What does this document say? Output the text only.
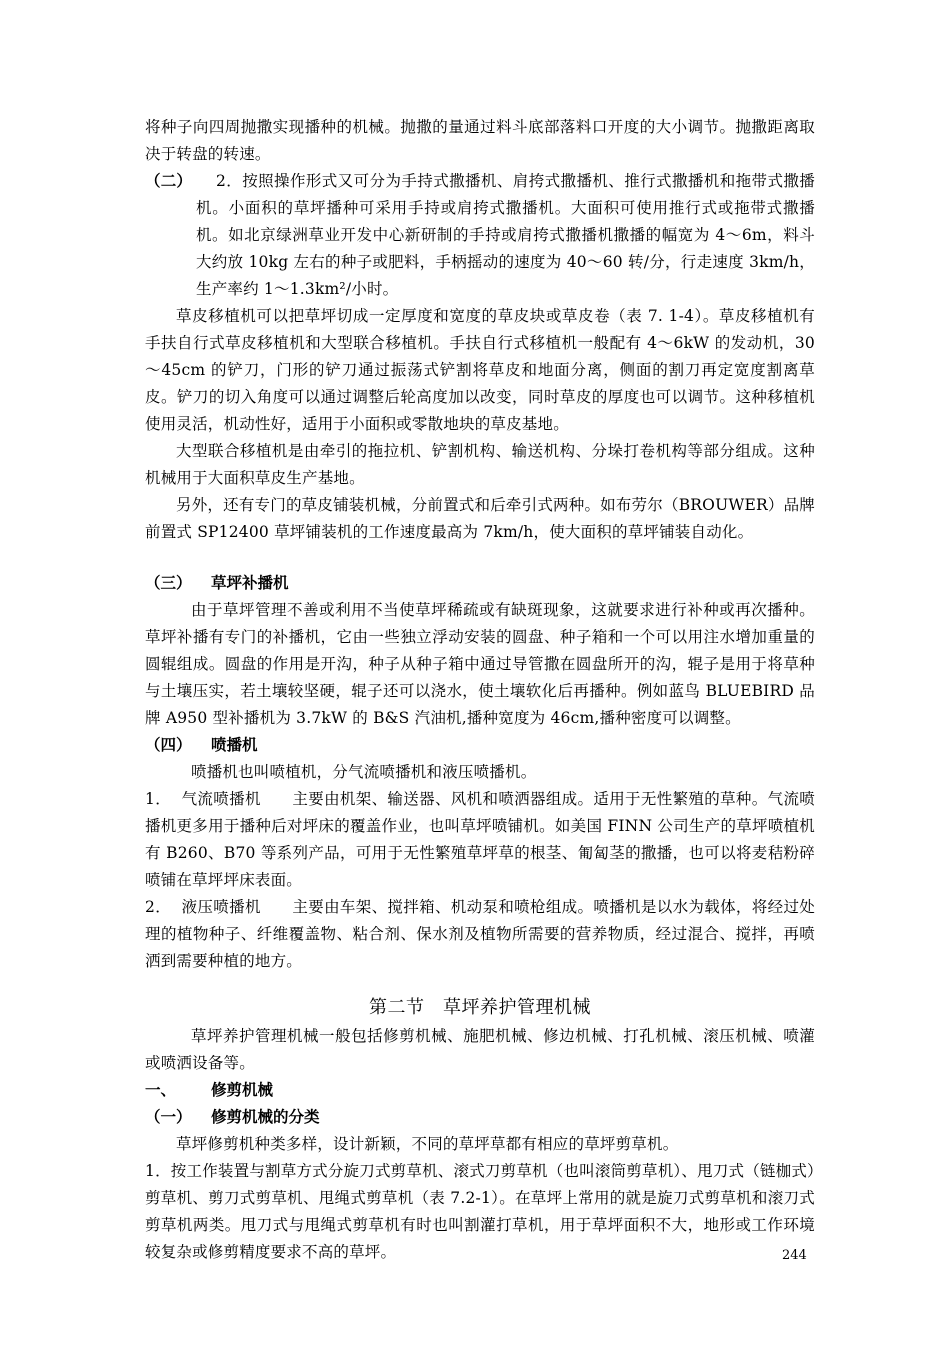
将种子向四周抛撒实现播种的机械。抛撒的量通过料斗底部落料口开度的大小调节。抛撒距离取决于转盘的转速。

（二）	2．按照操作形式又可分为手持式撒播机、肩挎式撒播机、推行式撒播机和拖带式撒播机。小面积的草坪播种可采用手持或肩挎式撒播机。大面积可使用推行式或拖带式撒播机。如北京绿洲草业开发中心新研制的手持或肩挎式撒播机撒播的幅宽为 4～6m，料斗大约放 10kg 左右的种子或肥料，手柄摇动的速度为 40～60 转/分，行走速度 3km/h，生产率约 1～1.3km²/小时。

草皮移植机可以把草坪切成一定厚度和宽度的草皮块或草皮卷（表 7. 1-4）。草皮移植机有手扶自行式草皮移植机和大型联合移植机。手扶自行式移植机一般配有 4～6kW 的发动机，30～45cm 的铲刀，门形的铲刀通过振荡式铲割将草皮和地面分离，侧面的割刀再定宽度割离草皮。铲刀的切入角度可以通过调整后轮高度加以改变，同时草皮的厚度也可以调节。这种移植机使用灵活，机动性好，适用于小面积或零散地块的草皮基地。

大型联合移植机是由牵引的拖拉机、铲割机构、输送机构、分垛打卷机构等部分组成。这种机械用于大面积草皮生产基地。

另外，还有专门的草皮铺装机械，分前置式和后牵引式两种。如布劳尔（BROUWER）品牌前置式 SP12400 草坪铺装机的工作速度最高为 7km/h，使大面积的草坪铺装自动化。

（三） 草坪补播机

由于草坪管理不善或利用不当使草坪稀疏或有缺斑现象，这就要求进行补种或再次播种。草坪补播有专门的补播机，它由一些独立浮动安装的圆盘、种子箱和一个可以用注水增加重量的圆辊组成。圆盘的作用是开沟，种子从种子箱中通过导管撒在圆盘所开的沟，辊子是用于将草种与土壤压实，若土壤较坚硬，辊子还可以浇水，使土壤软化后再播种。例如蓝鸟 BLUEBIRD 品牌 A950 型补播机为 3.7kW 的 B&S 汽油机,播种宽度为 46cm,播种密度可以调整。

（四） 喷播机

喷播机也叫喷植机，分气流喷播机和液压喷播机。

1．  气流喷播机      主要由机架、输送器、风机和喷洒器组成。适用于无性繁殖的草种。气流喷播机更多用于播种后对坪床的覆盖作业，也叫草坪喷铺机。如美国 FINN 公司生产的草坪喷植机有 B260、B70 等系列产品，可用于无性繁殖草坪草的根茎、匍匐茎的撒播，也可以将麦秸粉碎喷铺在草坪坪床表面。

2．  液压喷播机      主要由车架、搅拌箱、机动泵和喷枪组成。喷播机是以水为载体，将经过处理的植物种子、纤维覆盖物、粘合剂、保水剂及植物所需要的营养物质，经过混合、搅拌，再喷洒到需要种植的地方。

第二节　草坪养护管理机械

草坪养护管理机械一般包括修剪机械、施肥机械、修边机械、打孔机械、滚压机械、喷灌或喷洒设备等。

一、 修剪机械

（一） 修剪机械的分类

草坪修剪机种类多样，设计新颖，不同的草坪草都有相应的草坪剪草机。

1．按工作装置与割草方式分旋刀式剪草机、滚式刀剪草机（也叫滚筒剪草机）、甩刀式（链枷式）剪草机、剪刀式剪草机、甩绳式剪草机（表 7.2-1）。在草坪上常用的就是旋刀式剪草机和滚刀式剪草机两类。甩刀式与甩绳式剪草机有时也叫割灌打草机，用于草坪面积不大，地形或工作环境较复杂或修剪精度要求不高的草坪。	244
